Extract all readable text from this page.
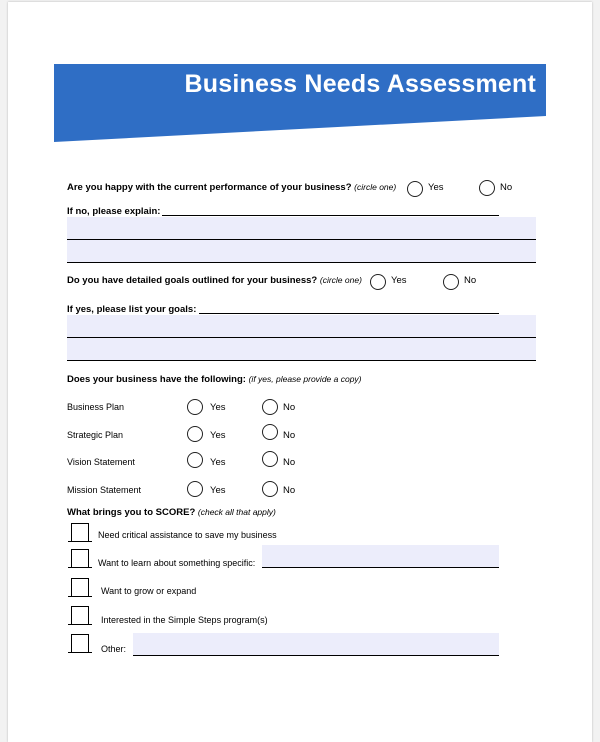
Business Needs Assessment
Are you happy with the current performance of your business? (circle one)	Yes	No
If no, please explain:
Do you have detailed goals outlined for your business? (circle one)	Yes	No
If yes, please list your goals:
Does your business have the following: (if yes, please provide a copy)
Business Plan	Yes	No
Strategic Plan	Yes	No
Vision Statement	Yes	No
Mission Statement	Yes	No
What brings you to SCORE? (check all that apply)
Need critical assistance to save my business
Want to learn about something specific:
Want to grow or expand
Interested in the Simple Steps program(s)
Other:
